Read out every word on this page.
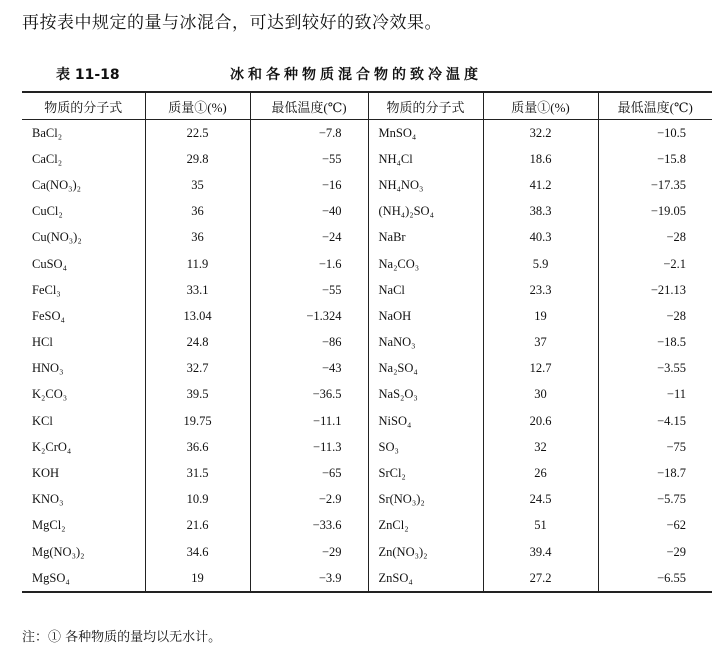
再按表中规定的量与冰混合，可达到较好的致冷效果。
表 11-18	冰和各种物质混合物的致冷温度
物质的分子式	质量①(%)	最低温度(℃)	物质的分子式	质量①(%)	最低温度(℃)
BaCl₂	22.5	−7.8	MnSO₄	32.2	−10.5
CaCl₂	29.8	−55	NH₄Cl	18.6	−15.8
Ca(NO₃)₂	35	−16	NH₄NO₃	41.2	−17.35
CuCl₂	36	−40	(NH₄)₂SO₄	38.3	−19.05
Cu(NO₃)₂	36	−24	NaBr	40.3	−28
CuSO₄	11.9	−1.6	Na₂CO₃	5.9	−2.1
FeCl₃	33.1	−55	NaCl	23.3	−21.13
FeSO₄	13.04	−1.324	NaOH	19	−28
HCl	24.8	−86	NaNO₃	37	−18.5
HNO₃	32.7	−43	Na₂SO₄	12.7	−3.55
K₂CO₃	39.5	−36.5	NaS₂O₃	30	−11
KCl	19.75	−11.1	NiSO₄	20.6	−4.15
K₂CrO₄	36.6	−11.3	SO₃	32	−75
KOH	31.5	−65	SrCl₂	26	−18.7
KNO₃	10.9	−2.9	Sr(NO₃)₂	24.5	−5.75
MgCl₂	21.6	−33.6	ZnCl₂	51	−62
Mg(NO₃)₂	34.6	−29	Zn(NO₃)₂	39.4	−29
MgSO₄	19	−3.9	ZnSO₄	27.2	−6.55
注：① 各种物质的量均以无水计。
